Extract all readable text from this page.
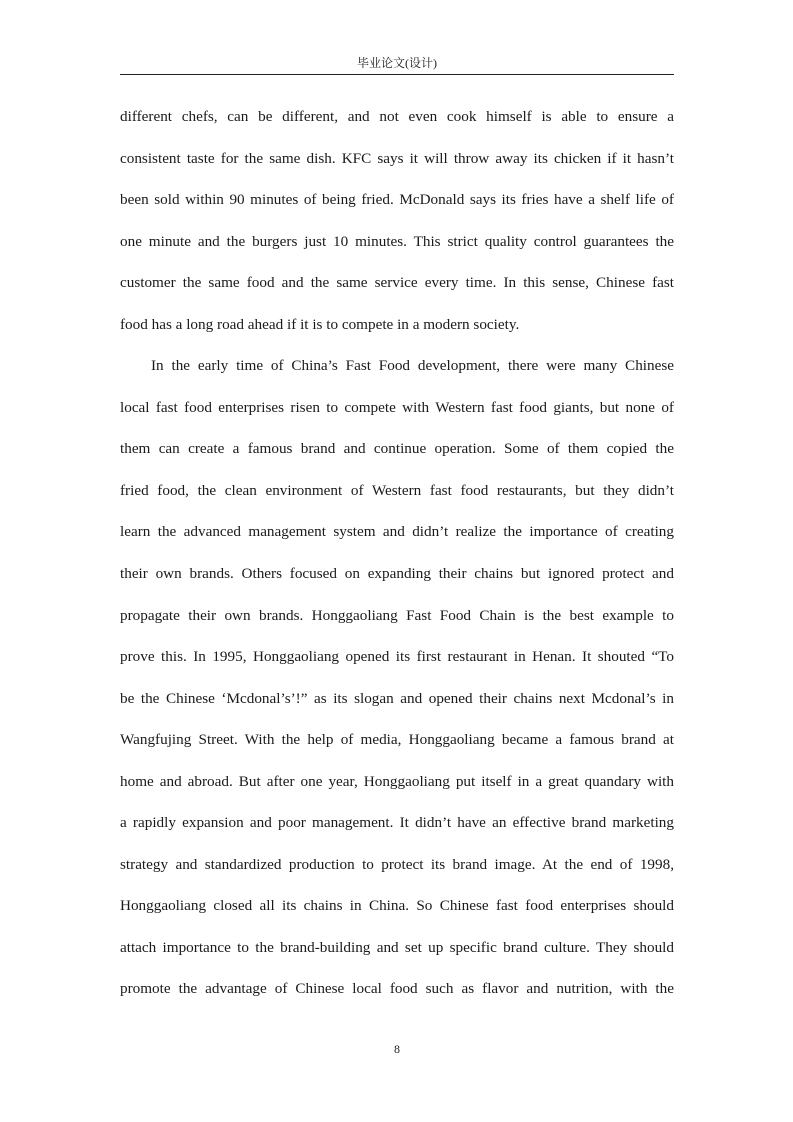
毕业论文(设计)
different chefs, can be different, and not even cook himself is able to ensure a
consistent taste for the same dish. KFC says it will throw away its chicken if it hasn’t
been sold within 90 minutes of being fried. McDonald says its fries have a shelf life of
one minute and the burgers just 10 minutes. This strict quality control guarantees the
customer the same food and the same service every time. In this sense, Chinese fast
food has a long road ahead if it is to compete in a modern society.
In the early time of China’s Fast Food development, there were many Chinese
local fast food enterprises risen to compete with Western fast food giants, but none of
them can create a famous brand and continue operation. Some of them copied the
fried food, the clean environment of Western fast food restaurants, but they didn’t
learn the advanced management system and didn’t realize the importance of creating
their own brands. Others focused on expanding their chains but ignored protect and
propagate their own brands. Honggaoliang Fast Food Chain is the best example to
prove this. In 1995, Honggaoliang opened its first restaurant in Henan. It shouted “To
be the Chinese ‘Mcdonal’s’!” as its slogan and opened their chains next Mcdonal’s in
Wangfujing Street. With the help of media, Honggaoliang became a famous brand at
home and abroad. But after one year, Honggaoliang put itself in a great quandary with
a rapidly expansion and poor management. It didn’t have an effective brand marketing
strategy and standardized production to protect its brand image. At the end of 1998,
Honggaoliang closed all its chains in China. So Chinese fast food enterprises should
attach importance to the brand-building and set up specific brand culture. They should
promote the advantage of Chinese local food such as flavor and nutrition, with the
8
